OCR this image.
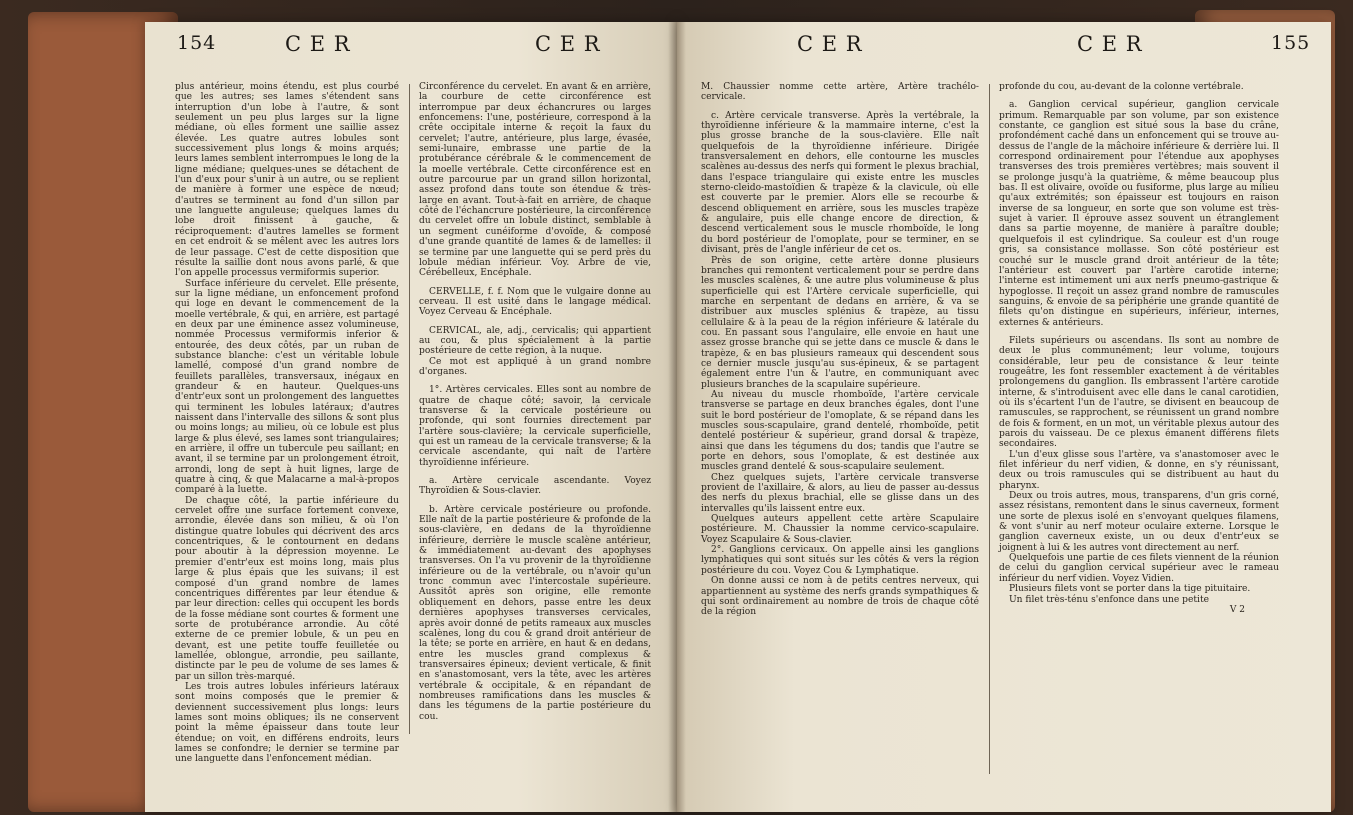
154	C E R	C E R

plus antérieur, moins étendu, est plus courbé que les autres; ses lames s'étendent sans interruption d'un lobe à l'autre, & sont seulement un peu plus larges sur la ligne médiane, où elles forment une saillie assez élevée. Les quatre autres lobules sont successivement plus longs & moins arqués; leurs lames semblent interrompues le long de la ligne médiane; quelques-unes se détachent de l'un d'eux pour s'unir à un autre, ou se replient de manière à former une espèce de nœud; d'autres se terminent au fond d'un sillon par une languette anguleuse; quelques lames du lobe droit finissent à gauche, & réciproquement: d'autres lamelles se forment en cet endroit & se mêlent avec les autres lors de leur passage. C'est de cette disposition que résulte la saillie dont nous avons parlé, & que l'on appelle processus vermiformis superior.

Surface inférieure du cervelet. Elle présente, sur la ligne médiane, un enfoncement profond qui loge en devant le commencement de la moelle vertébrale, & qui, en arrière, est partagé en deux par une éminence assez volumineuse, nommée Processus vermiformis inferior & entourée, des deux côtés, par un ruban de substance blanche: c'est un véritable lobule lamellé, composé d'un grand nombre de feuillets parallèles, transversaux, inégaux en grandeur & en hauteur. Quelques-uns d'entr'eux sont un prolongement des languettes qui terminent les lobules latéraux; d'autres naissent dans l'intervalle des sillons & sont plus ou moins longs; au milieu, où ce lobule est plus large & plus élevé, ses lames sont triangulaires; en arrière, il offre un tubercule peu saillant; en avant, il se termine par un prolongement étroit, arrondi, long de sept à huit lignes, large de quatre à cinq, & que Malacarne a mal-à-propos comparé à la luette.

De chaque côté, la partie inférieure du cervelet offre une surface fortement convexe, arrondie, élevée dans son milieu, & où l'on distingue quatre lobules qui décrivent des arcs concentriques, & le contournent en dedans pour aboutir à la dépression moyenne. Le premier d'entr'eux est moins long, mais plus large & plus épais que les suivans; il est composé d'un grand nombre de lames concentriques différentes par leur étendue & par leur direction: celles qui occupent les bords de la fosse médiane sont courtes & forment une sorte de protubérance arrondie. Au côté externe de ce premier lobule, & un peu en devant, est une petite touffe feuilletée ou lamellée, oblongue, arrondie, peu saillante, distincte par le peu de volume de ses lames & par un sillon très-marqué.

Les trois autres lobules inférieurs latéraux sont moins composés que le premier & deviennent successivement plus longs: leurs lames sont moins obliques; ils ne conservent point la même épaisseur dans toute leur étendue; on voit, en différens endroits, leurs lames se confondre; le dernier se termine par une languette dans l'enfoncement médian.

Circonférence du cervelet. En avant & en arrière, la courbure de cette circonférence est interrompue par deux échancrures ou larges enfoncemens: l'une, postérieure, correspond à la crête occipitale interne & reçoit la faux du cervelet; l'autre, antérieure, plus large, évasée, semi-lunaire, embrasse une partie de la protubérance cérébrale & le commencement de la moelle vertébrale. Cette circonférence est en outre parcourue par un grand sillon horizontal, assez profond dans toute son étendue & très-large en avant. Tout-à-fait en arrière, de chaque côté de l'échancrure postérieure, la circonférence du cervelet offre un lobule distinct, semblable à un segment cunéiforme d'ovoïde, & composé d'une grande quantité de lames & de lamelles: il se termine par une languette qui se perd près du lobule médian inférieur. Voy. Arbre de vie, Cérébelleux, Encéphale.

CERVELLE, f. f. Nom que le vulgaire donne au cerveau. Il est usité dans le langage médical. Voyez Cerveau & Encéphale.

CERVICAL, ale, adj., cervicalis; qui appartient au cou, & plus spécialement à la partie postérieure de cette région, à la nuque.

Ce mot est appliqué à un grand nombre d'organes.

1°. Artères cervicales. Elles sont au nombre de quatre de chaque côté; savoir, la cervicale transverse & la cervicale postérieure ou profonde, qui sont fournies directement par l'artère sous-clavière; la cervicale superficielle, qui est un rameau de la cervicale transverse; & la cervicale ascendante, qui naît de l'artère thyroïdienne inférieure.

a. Artère cervicale ascendante. Voyez Thyroïdien & Sous-clavier.

b. Artère cervicale postérieure ou profonde. Elle naît de la partie postérieure & profonde de la sous-clavière, en dedans de la thyroïdienne inférieure, derrière le muscle scalène antérieur, & immédiatement au-devant des apophyses transverses. On l'a vu provenir de la thyroïdienne inférieure ou de la vertébrale, ou n'avoir qu'un tronc commun avec l'intercostale supérieure. Aussitôt après son origine, elle remonte obliquement en dehors, passe entre les deux dernières apophyses transverses cervicales, après avoir donné de petits rameaux aux muscles scalènes, long du cou & grand droit antérieur de la tête; se porte en arrière, en haut & en dedans, entre les muscles grand complexus & transversaires épineux; devient verticale, & finit en s'anastomosant, vers la tête, avec les artères vertébrale & occipitale, & en répandant de nombreuses ramifications dans les muscles & dans les tégumens de la partie postérieure du cou.

C E R	C E R	155

M. Chaussier nomme cette artère, Artère trachélo-cervicale.

c. Artère cervicale transverse. Après la vertébrale, la thyroïdienne inférieure & la mammaire interne, c'est la plus grosse branche de la sous-clavière. Elle naît quelquefois de la thyroïdienne inférieure. Dirigée transversalement en dehors, elle contourne les muscles scalènes au-dessus des nerfs qui forment le plexus brachial, dans l'espace triangulaire qui existe entre les muscles sterno-cleido-mastoïdien & trapèze & la clavicule, où elle est couverte par le premier. Alors elle se recourbe & descend obliquement en arrière, sous les muscles trapèze & angulaire, puis elle change encore de direction, & descend verticalement sous le muscle rhomboïde, le long du bord postérieur de l'omoplate, pour se terminer, en se divisant, près de l'angle inférieur de cet os.

Près de son origine, cette artère donne plusieurs branches qui remontent verticalement pour se perdre dans les muscles scalènes, & une autre plus volumineuse & plus superficielle qui est l'Artère cervicale superficielle, qui marche en serpentant de dedans en arrière, & va se distribuer aux muscles splénius & trapèze, au tissu cellulaire & à la peau de la région inférieure & latérale du cou. En passant sous l'angulaire, elle envoie en haut une assez grosse branche qui se jette dans ce muscle & dans le trapèze, & en bas plusieurs rameaux qui descendent sous ce dernier muscle jusqu'au sus-épineux, & se partagent également entre l'un & l'autre, en communiquant avec plusieurs branches de la scapulaire supérieure.

Au niveau du muscle rhomboïde, l'artère cervicale transverse se partage en deux branches égales, dont l'une suit le bord postérieur de l'omoplate, & se répand dans les muscles sous-scapulaire, grand dentelé, rhomboïde, petit dentelé postérieur & supérieur, grand dorsal & trapèze, ainsi que dans les tégumens du dos; tandis que l'autre se porte en dehors, sous l'omoplate, & est destinée aux muscles grand dentelé & sous-scapulaire seulement.

Chez quelques sujets, l'artère cervicale transverse provient de l'axillaire, & alors, au lieu de passer au-dessus des nerfs du plexus brachial, elle se glisse dans un des intervalles qu'ils laissent entre eux.

Quelques auteurs appellent cette artère Scapulaire postérieure. M. Chaussier la nomme cervico-scapulaire. Voyez Scapulaire & Sous-clavier.

2°. Ganglions cervicaux. On appelle ainsi les ganglions lymphatiques qui sont situés sur les côtés & vers la région postérieure du cou. Voyez Cou & Lymphatique.

On donne aussi ce nom à de petits centres nerveux, qui appartiennent au système des nerfs grands sympathiques & qui sont ordinairement au nombre de trois de chaque côté de la région

profonde du cou, au-devant de la colonne vertébrale.

a. Ganglion cervical supérieur, ganglion cervicale primum. Remarquable par son volume, par son existence constante, ce ganglion est situé sous la base du crâne, profondément caché dans un enfoncement qui se trouve au-dessus de l'angle de la mâchoire inférieure & derrière lui. Il correspond ordinairement pour l'étendue aux apophyses transverses des trois premières vertèbres; mais souvent il se prolonge jusqu'à la quatrième, & même beaucoup plus bas. Il est olivaire, ovoïde ou fusiforme, plus large au milieu qu'aux extrémités; son épaisseur est toujours en raison inverse de sa longueur, en sorte que son volume est très-sujet à varier. Il éprouve assez souvent un étranglement dans sa partie moyenne, de manière à paraître double; quelquefois il est cylindrique. Sa couleur est d'un rouge gris, sa consistance mollasse. Son côté postérieur est couché sur le muscle grand droit antérieur de la tête; l'antérieur est couvert par l'artère carotide interne; l'interne est intimement uni aux nerfs pneumo-gastrique & hypoglosse. Il reçoit un assez grand nombre de ramuscules sanguins, & envoie de sa périphérie une grande quantité de filets qu'on distingue en supérieurs, inférieur, internes, externes & antérieurs.

Filets supérieurs ou ascendans. Ils sont au nombre de deux le plus communément; leur volume, toujours considérable, leur peu de consistance & leur teinte rougeâtre, les font ressembler exactement à de véritables prolongemens du ganglion. Ils embrassent l'artère carotide interne, & s'introduisent avec elle dans le canal carotidien, où ils s'écartent l'un de l'autre, se divisent en beaucoup de ramuscules, se rapprochent, se réunissent un grand nombre de fois & forment, en un mot, un véritable plexus autour des parois du vaisseau. De ce plexus émanent différens filets secondaires.

L'un d'eux glisse sous l'artère, va s'anastomoser avec le filet inférieur du nerf vidien, & donne, en s'y réunissant, deux ou trois ramuscules qui se distribuent au haut du pharynx.

Deux ou trois autres, mous, transparens, d'un gris corné, assez résistans, remontent dans le sinus caverneux, forment une sorte de plexus isolé en s'envoyant quelques filamens, & vont s'unir au nerf moteur oculaire externe. Lorsque le ganglion caverneux existe, un ou deux d'entr'eux se joignent à lui & les autres vont directement au nerf.

Quelquefois une partie de ces filets viennent de la réunion de celui du ganglion cervical supérieur avec le rameau inférieur du nerf vidien. Voyez Vidien.

Plusieurs filets vont se porter dans la tige pituitaire.

Un filet très-ténu s'enfonce dans une petite

V 2
